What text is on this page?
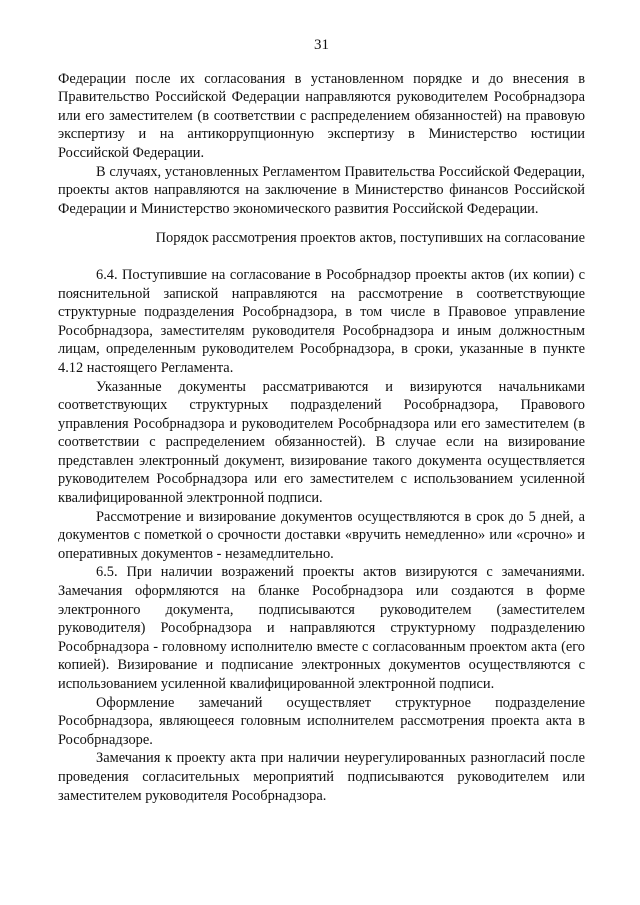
31

Федерации после их согласования в установленном порядке и до внесения в Правительство Российской Федерации направляются руководителем Рособрнадзора или его заместителем (в соответствии с распределением обязанностей) на правовую экспертизу и на антикоррупционную экспертизу в Министерство юстиции Российской Федерации.

В случаях, установленных Регламентом Правительства Российской Федерации, проекты актов направляются на заключение в Министерство финансов Российской Федерации и Министерство экономического развития Российской Федерации.

Порядок рассмотрения проектов актов, поступивших на согласование

6.4. Поступившие на согласование в Рособрнадзор проекты актов (их копии) с пояснительной запиской направляются на рассмотрение в соответствующие структурные подразделения Рособрнадзора, в том числе в Правовое управление Рособрнадзора, заместителям руководителя Рособрнадзора и иным должностным лицам, определенным руководителем Рособрнадзора, в сроки, указанные в пункте 4.12 настоящего Регламента.

Указанные документы рассматриваются и визируются начальниками соответствующих структурных подразделений Рособрнадзора, Правового управления Рособрнадзора и руководителем Рособрнадзора или его заместителем (в соответствии с распределением обязанностей). В случае если на визирование представлен электронный документ, визирование такого документа осуществляется руководителем Рособрнадзора или его заместителем с использованием усиленной квалифицированной электронной подписи.

Рассмотрение и визирование документов осуществляются в срок до 5 дней, а документов с пометкой о срочности доставки «вручить немедленно» или «срочно» и оперативных документов - незамедлительно.

6.5. При наличии возражений проекты актов визируются с замечаниями. Замечания оформляются на бланке Рособрнадзора или создаются в форме электронного документа, подписываются руководителем (заместителем руководителя) Рособрнадзора и направляются структурному подразделению Рособрнадзора - головному исполнителю вместе с согласованным проектом акта (его копией). Визирование и подписание электронных документов осуществляются с использованием усиленной квалифицированной электронной подписи.

Оформление замечаний осуществляет структурное подразделение Рособрнадзора, являющееся головным исполнителем рассмотрения проекта акта в Рособрнадзоре.

Замечания к проекту акта при наличии неурегулированных разногласий после проведения согласительных мероприятий подписываются руководителем или заместителем руководителя Рособрнадзора.
